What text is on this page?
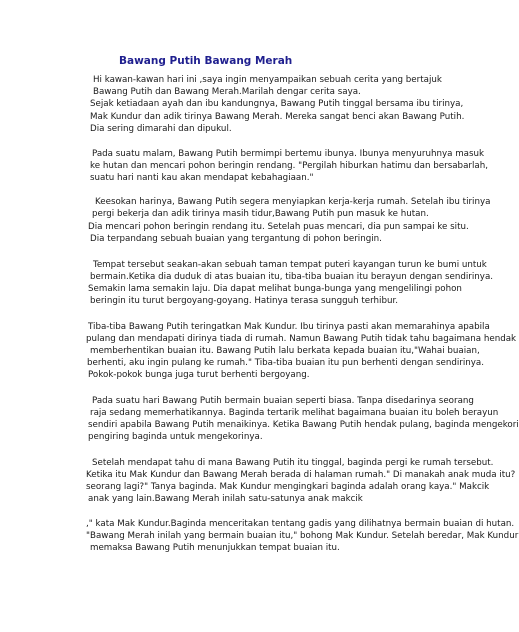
Bawang Putih Bawang Merah
Hi kawan-kawan hari ini ,saya ingin menyampaikan sebuah cerita yang bertajuk
Bawang Putih dan Bawang Merah.Marilah dengar cerita saya.
Sejak ketiadaan ayah dan ibu kandungnya, Bawang Putih tinggal bersama ibu tirinya,
Mak Kundur dan adik tirinya Bawang Merah. Mereka sangat benci akan Bawang Putih.
Dia sering dimarahi dan dipukul.
Pada suatu malam, Bawang Putih bermimpi bertemu ibunya. Ibunya menyuruhnya masuk
ke hutan dan mencari pohon beringin rendang. "Pergilah hiburkan hatimu dan bersabarlah,
suatu hari nanti kau akan mendapat kebahagiaan."
Keesokan harinya, Bawang Putih segera menyiapkan kerja-kerja rumah. Setelah ibu tirinya
pergi bekerja dan adik tirinya masih tidur,Bawang Putih pun masuk ke hutan.
Dia mencari pohon beringin rendang itu. Setelah puas mencari, dia pun sampai ke situ.
Dia terpandang sebuah buaian yang tergantung di pohon beringin.
Tempat tersebut seakan-akan sebuah taman tempat puteri kayangan turun ke bumi untuk
bermain.Ketika dia duduk di atas buaian itu, tiba-tiba buaian itu berayun dengan sendirinya.
Semakin lama semakin laju. Dia dapat melihat bunga-bunga yang mengelilingi pohon
beringin itu turut bergoyang-goyang. Hatinya terasa sungguh terhibur.
Tiba-tiba Bawang Putih teringatkan Mak Kundur. Ibu tirinya pasti akan memarahinya apabila
pulang dan mendapati dirinya tiada di rumah. Namun Bawang Putih tidak tahu bagaimana hendak
memberhentikan buaian itu. Bawang Putih lalu berkata kepada buaian itu,"Wahai buaian,
berhenti, aku ingin pulang ke rumah." Tiba-tiba buaian itu pun berhenti dengan sendirinya.
Pokok-pokok bunga juga turut berhenti bergoyang.
Pada suatu hari Bawang Putih bermain buaian seperti biasa. Tanpa disedarinya seorang
raja sedang memerhatikannya. Baginda tertarik melihat bagaimana buaian itu boleh berayun
sendiri apabila Bawang Putih menaikinya. Ketika Bawang Putih hendak pulang, baginda mengekori
pengiring baginda untuk mengekorinya.
Setelah mendapat tahu di mana Bawang Putih itu tinggal, baginda pergi ke rumah tersebut.
Ketika itu Mak Kundur dan Bawang Merah berada di halaman rumah." Di manakah anak muda itu?
seorang lagi?" Tanya baginda. Mak Kundur mengingkari baginda adalah orang kaya." Makcik
anak yang lain.Bawang Merah inilah satu-satunya anak makcik
," kata Mak Kundur.Baginda menceritakan tentang gadis yang dilihatnya bermain buaian di hutan.
"Bawang Merah inilah yang bermain buaian itu," bohong Mak Kundur. Setelah beredar, Mak Kundur
memaksa Bawang Putih menunjukkan tempat buaian itu.
